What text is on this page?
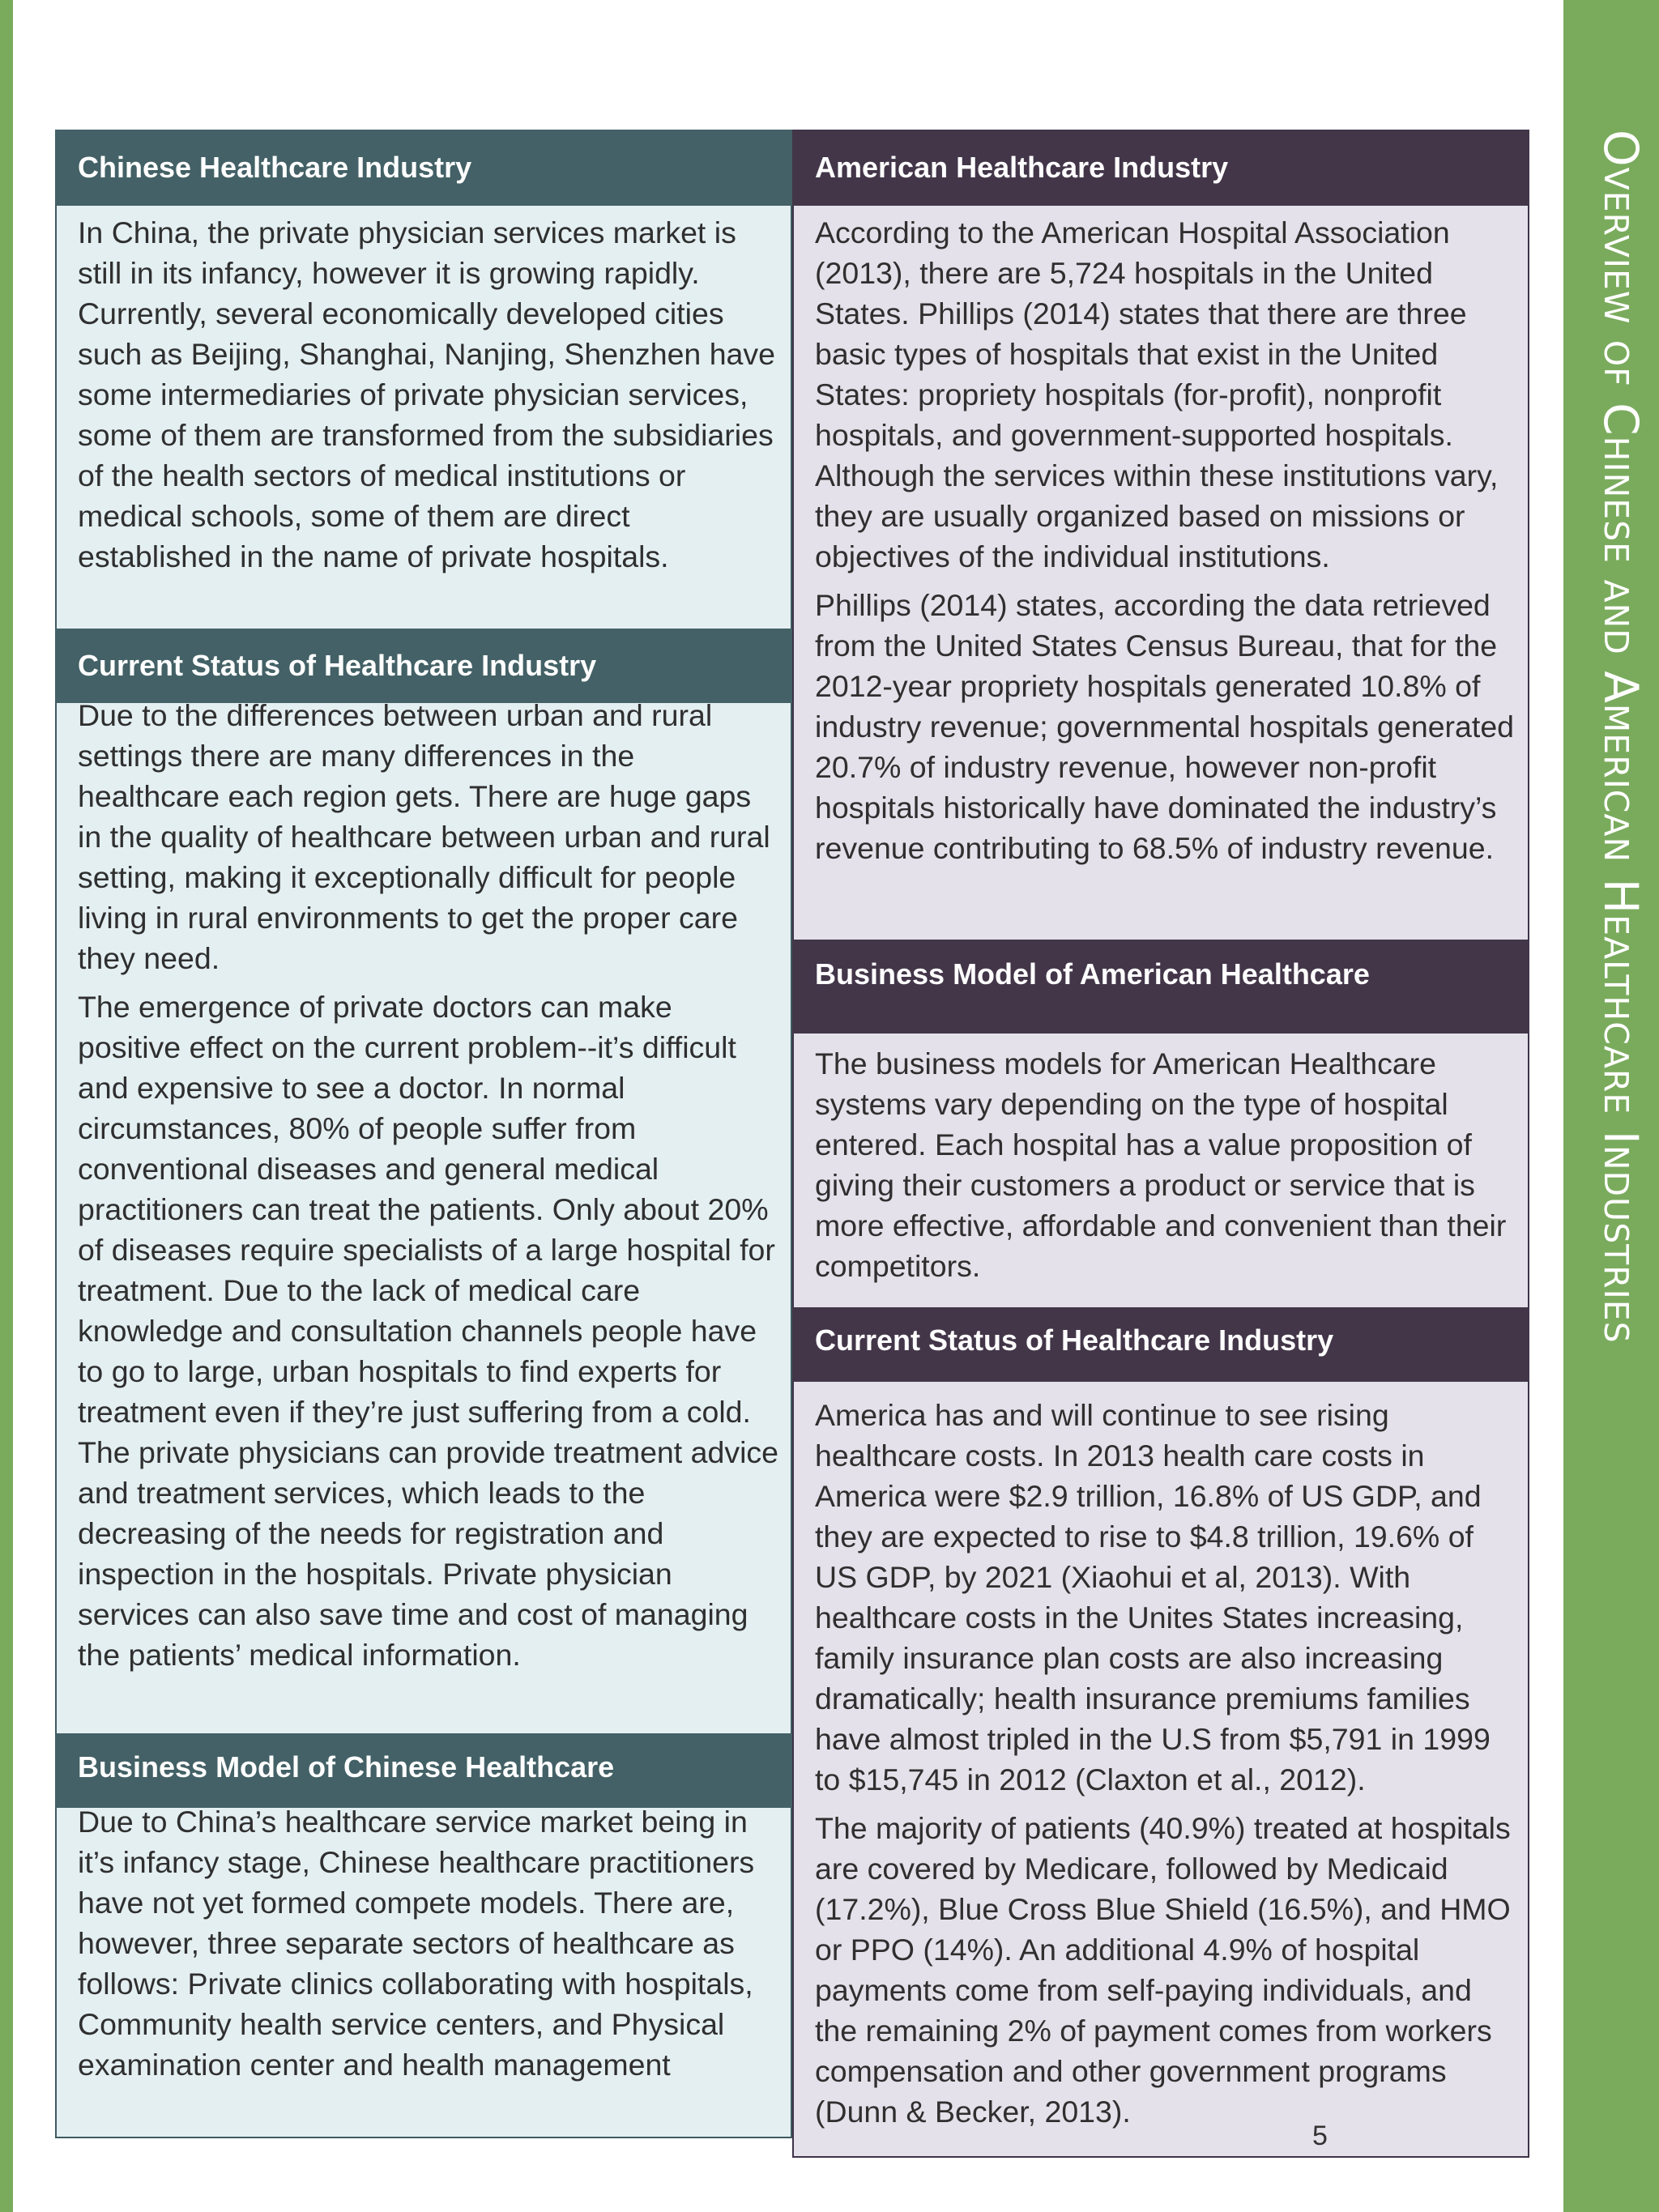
Overview of Chinese and American Healthcare Industries
Chinese Healthcare Industry

In China, the private physician services market is still in its infancy, however it is growing rapidly. Currently, several economically developed cities such as Beijing, Shanghai, Nanjing, Shenzhen have some intermediaries of private physician services, some of them are transformed from the subsidiaries of the health sectors of medical institutions or medical schools, some of them are direct established in the name of private hospitals.

Current Status of Healthcare Industry

Due to the differences between urban and rural settings there are many differences in the healthcare each region gets. There are huge gaps in the quality of healthcare between urban and rural setting, making it exceptionally difficult for people living in rural environments to get the proper care they need.

The emergence of private doctors can make positive effect on the current problem--it’s difficult and expensive to see a doctor. In normal circumstances, 80% of people suffer from conventional diseases and general medical practitioners can treat the patients. Only about 20% of diseases require specialists of a large hospital for treatment. Due to the lack of medical care knowledge and consultation channels people have to go to large, urban hospitals to find experts for treatment even if they’re just suffering from a cold. The private physicians can provide treatment advice and treatment services, which leads to the decreasing of the needs for registration and inspection in the hospitals. Private physician services can also save time and cost of managing the patients’ medical information.

Business Model of Chinese Healthcare

Due to China’s healthcare service market being in it’s infancy stage, Chinese healthcare practitioners have not yet formed compete models. There are, however, three separate sectors of healthcare as follows: Private clinics collaborating with hospitals, Community health service centers, and Physical examination center and health management

American Healthcare Industry

According to the American Hospital Association (2013), there are 5,724 hospitals in the United States. Phillips (2014) states that there are three basic types of hospitals that exist in the United States: propriety hospitals (for-profit), nonprofit hospitals, and government-supported hospitals. Although the services within these institutions vary, they are usually organized based on missions or objectives of the individual institutions.

Phillips (2014) states, according the data retrieved from the United States Census Bureau, that for the 2012-year propriety hospitals generated 10.8% of industry revenue; governmental hospitals generated 20.7% of industry revenue, however non-profit hospitals historically have dominated the industry’s revenue contributing to 68.5% of industry revenue.

Business Model of American Healthcare

The business models for American Healthcare systems vary depending on the type of hospital entered. Each hospital has a value proposition of giving their customers a product or service that is more effective, affordable and convenient than their competitors.

Current Status of Healthcare Industry

America has and will continue to see rising healthcare costs. In 2013 health care costs in America were $2.9 trillion, 16.8% of US GDP, and they are expected to rise to $4.8 trillion, 19.6% of US GDP, by 2021 (Xiaohui et al, 2013). With healthcare costs in the Unites States increasing, family insurance plan costs are also increasing dramatically; health insurance premiums families have almost tripled in the U.S from $5,791 in 1999 to $15,745 in 2012 (Claxton et al., 2012).

The majority of patients (40.9%) treated at hospitals are covered by Medicare, followed by Medicaid (17.2%), Blue Cross Blue Shield (16.5%), and HMO or PPO (14%). An additional 4.9% of hospital payments come from self-paying individuals, and the remaining 2% of payment comes from workers compensation and other government programs (Dunn & Becker, 2013).

5
